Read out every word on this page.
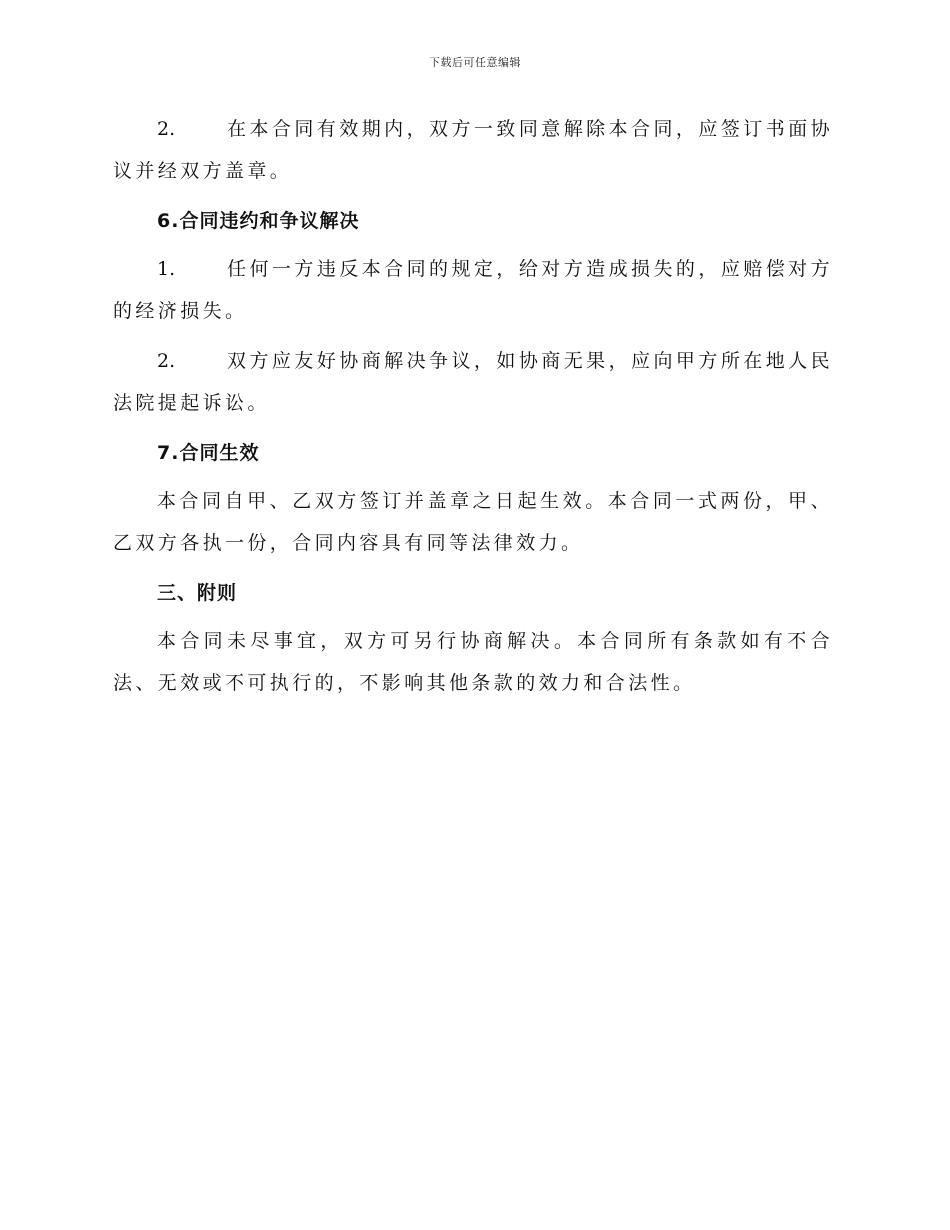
下载后可任意编辑

2.	在本合同有效期内，双方一致同意解除本合同，应签订书面协议并经双方盖章。

6.合同违约和争议解决

1.	任何一方违反本合同的规定，给对方造成损失的，应赔偿对方的经济损失。

2.	双方应友好协商解决争议，如协商无果，应向甲方所在地人民法院提起诉讼。

7.合同生效

本合同自甲、乙双方签订并盖章之日起生效。本合同一式两份，甲、乙双方各执一份，合同内容具有同等法律效力。

三、附则

本合同未尽事宜，双方可另行协商解决。本合同所有条款如有不合法、无效或不可执行的，不影响其他条款的效力和合法性。
